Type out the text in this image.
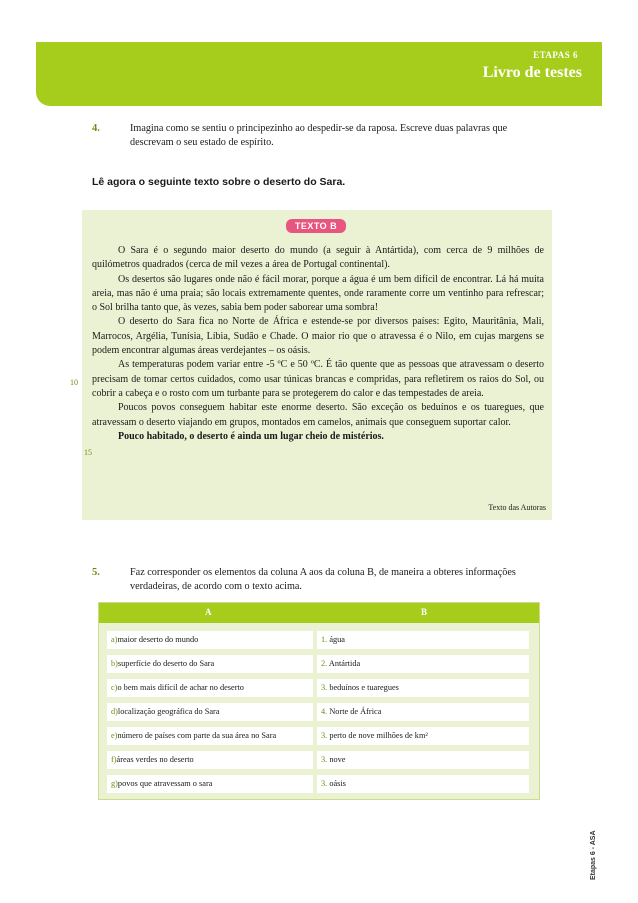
ETAPAS 6
Livro de testes
4.	Imagina como se sentiu o principezinho ao despedir-se da raposa. Escreve duas palavras que descrevam o seu estado de espírito.
Lê agora o seguinte texto sobre o deserto do Sara.
TEXTO B

O Sara é o segundo maior deserto do mundo (a seguir à Antártida), com cerca de 9 milhões de quilómetros quadrados (cerca de mil vezes a área de Portugal continental).

Os desertos são lugares onde não é fácil morar, porque a água é um bem difícil de encontrar. Lá há muita areia, mas não é uma praia; são locais extremamente quentes, onde raramente corre um ventinho para refrescar; o Sol brilha tanto que, às vezes, sabia bem poder saborear uma sombra!

O deserto do Sara fica no Norte de África e estende-se por diversos países: Egito, Mauritânia, Mali, Marrocos, Argélia, Tunísia, Líbia, Sudão e Chade. O maior rio que o atravessa é o Nilo, em cujas margens se podem encontrar algumas áreas verdejantes – os oásis.

As temperaturas podem variar entre -5 ºC e 50 ºC. É tão quente que as pessoas que atravessam o deserto precisam de tomar certos cuidados, como usar túnicas brancas e compridas, para refletirem os raios do Sol, ou cobrir a cabeça e o rosto com um turbante para se protegerem do calor e das tempestades de areia.

Poucos povos conseguem habitar este enorme deserto. São exceção os beduínos e os tuaregues, que atravessam o deserto viajando em grupos, montados em camelos, animais que conseguem suportar calor.

Pouco habitado, o deserto é ainda um lugar cheio de mistérios.

10
15
Texto das Autoras
5.	Faz corresponder os elementos da coluna A aos da coluna B, de maneira a obteres informações verdadeiras, de acordo com o texto acima.
A	B
a)maior deserto do mundo	1. água
b)superfície do deserto do Sara	2. Antártida
c)o bem mais difícil de achar no deserto	3. beduínos e tuaregues
d)localização geográfica do Sara	4. Norte de África
e)número de países com parte da sua área no Sara	3. perto de nove milhões de km²
f)áreas verdes no deserto	3. nove
g)povos que atravessam o sara	3. oásis
Etapas 6 - ASA
